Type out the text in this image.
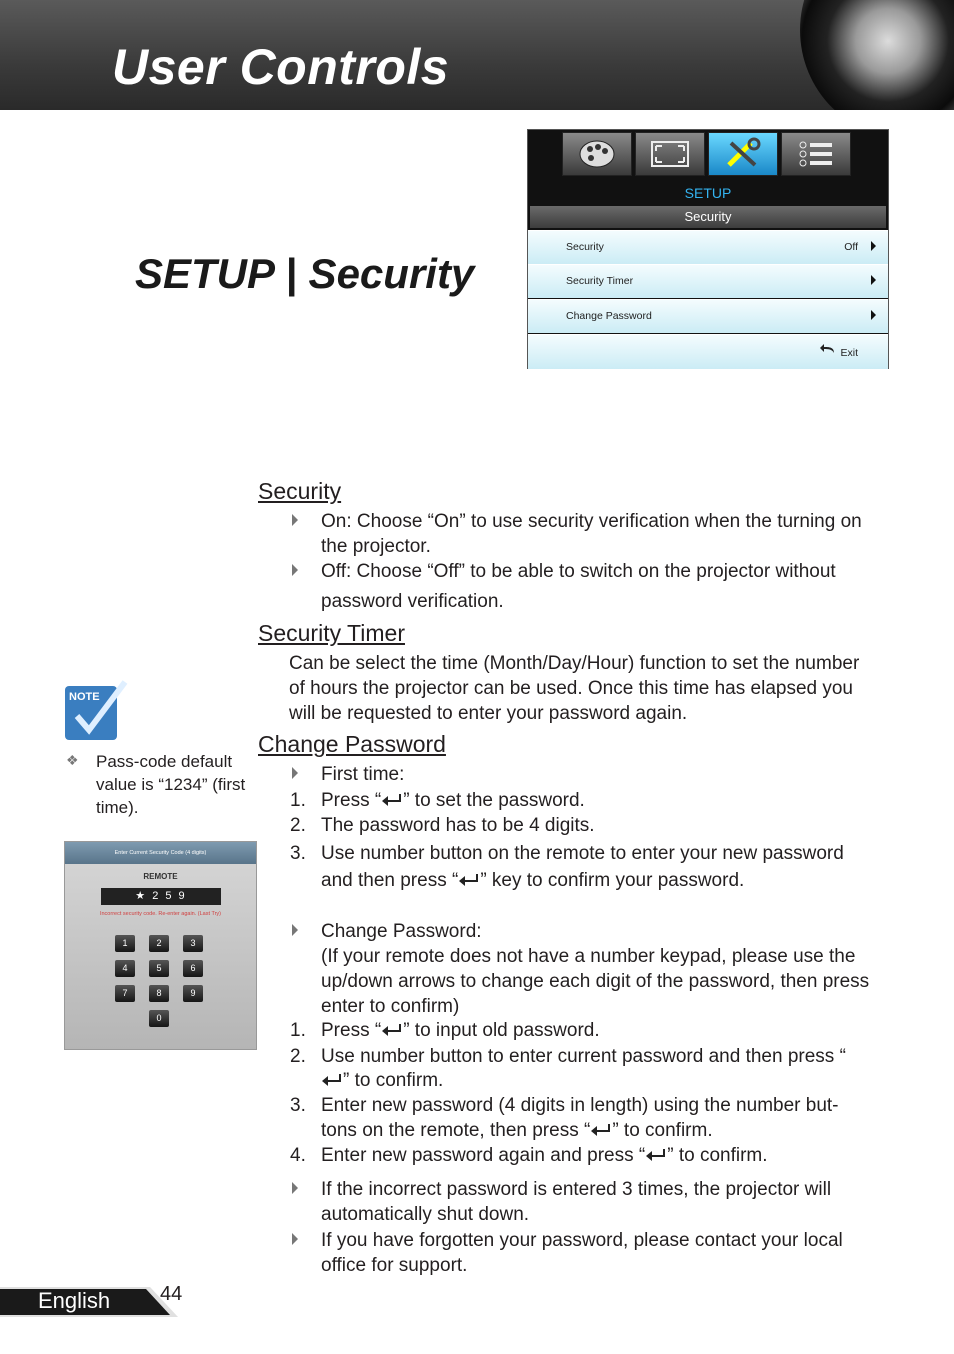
User Controls
SETUP | Security
SETUP
Security
Security	Off
Security Timer
Change Password
Exit
Security
On: Choose “On” to use security verification when the turning on the projector.
Off: Choose “Off” to be able to switch on the projector without
password verification.
Security Timer
Can be select the time (Month/Day/Hour) function to set the number of hours the projector can be used. Once this time has elapsed you will be requested to enter your password again.
Change Password
First time:
1. Press “ ” to set the password.
2. The password has to be 4 digits.
3. Use number button on the remote to enter your new password
and then press “ ” key to confirm your password.
Change Password:
(If your remote does not have a number keypad, please use the up/down arrows to change each digit of the password, then press enter to confirm)
1. Press “ ” to input old password.
2. Use number button to enter current password and then press “
” to confirm.
3. Enter new password (4 digits in length) using the number but-
tons on the remote, then press “ ” to confirm.
4. Enter new password again and press “ ” to confirm.
If the incorrect password is entered 3 times, the projector will automatically shut down.
If you have forgotten your password, please contact your local office for support.
NOTE
❖ Pass-code default value is “1234” (first time).
Enter Current Security Code (4 digits)
REMOTE
★ 2 5 9
Incorrect security code. Re-enter again. (Last Try)
1	2	3
4	5	6
7	8	9
0
English 44
